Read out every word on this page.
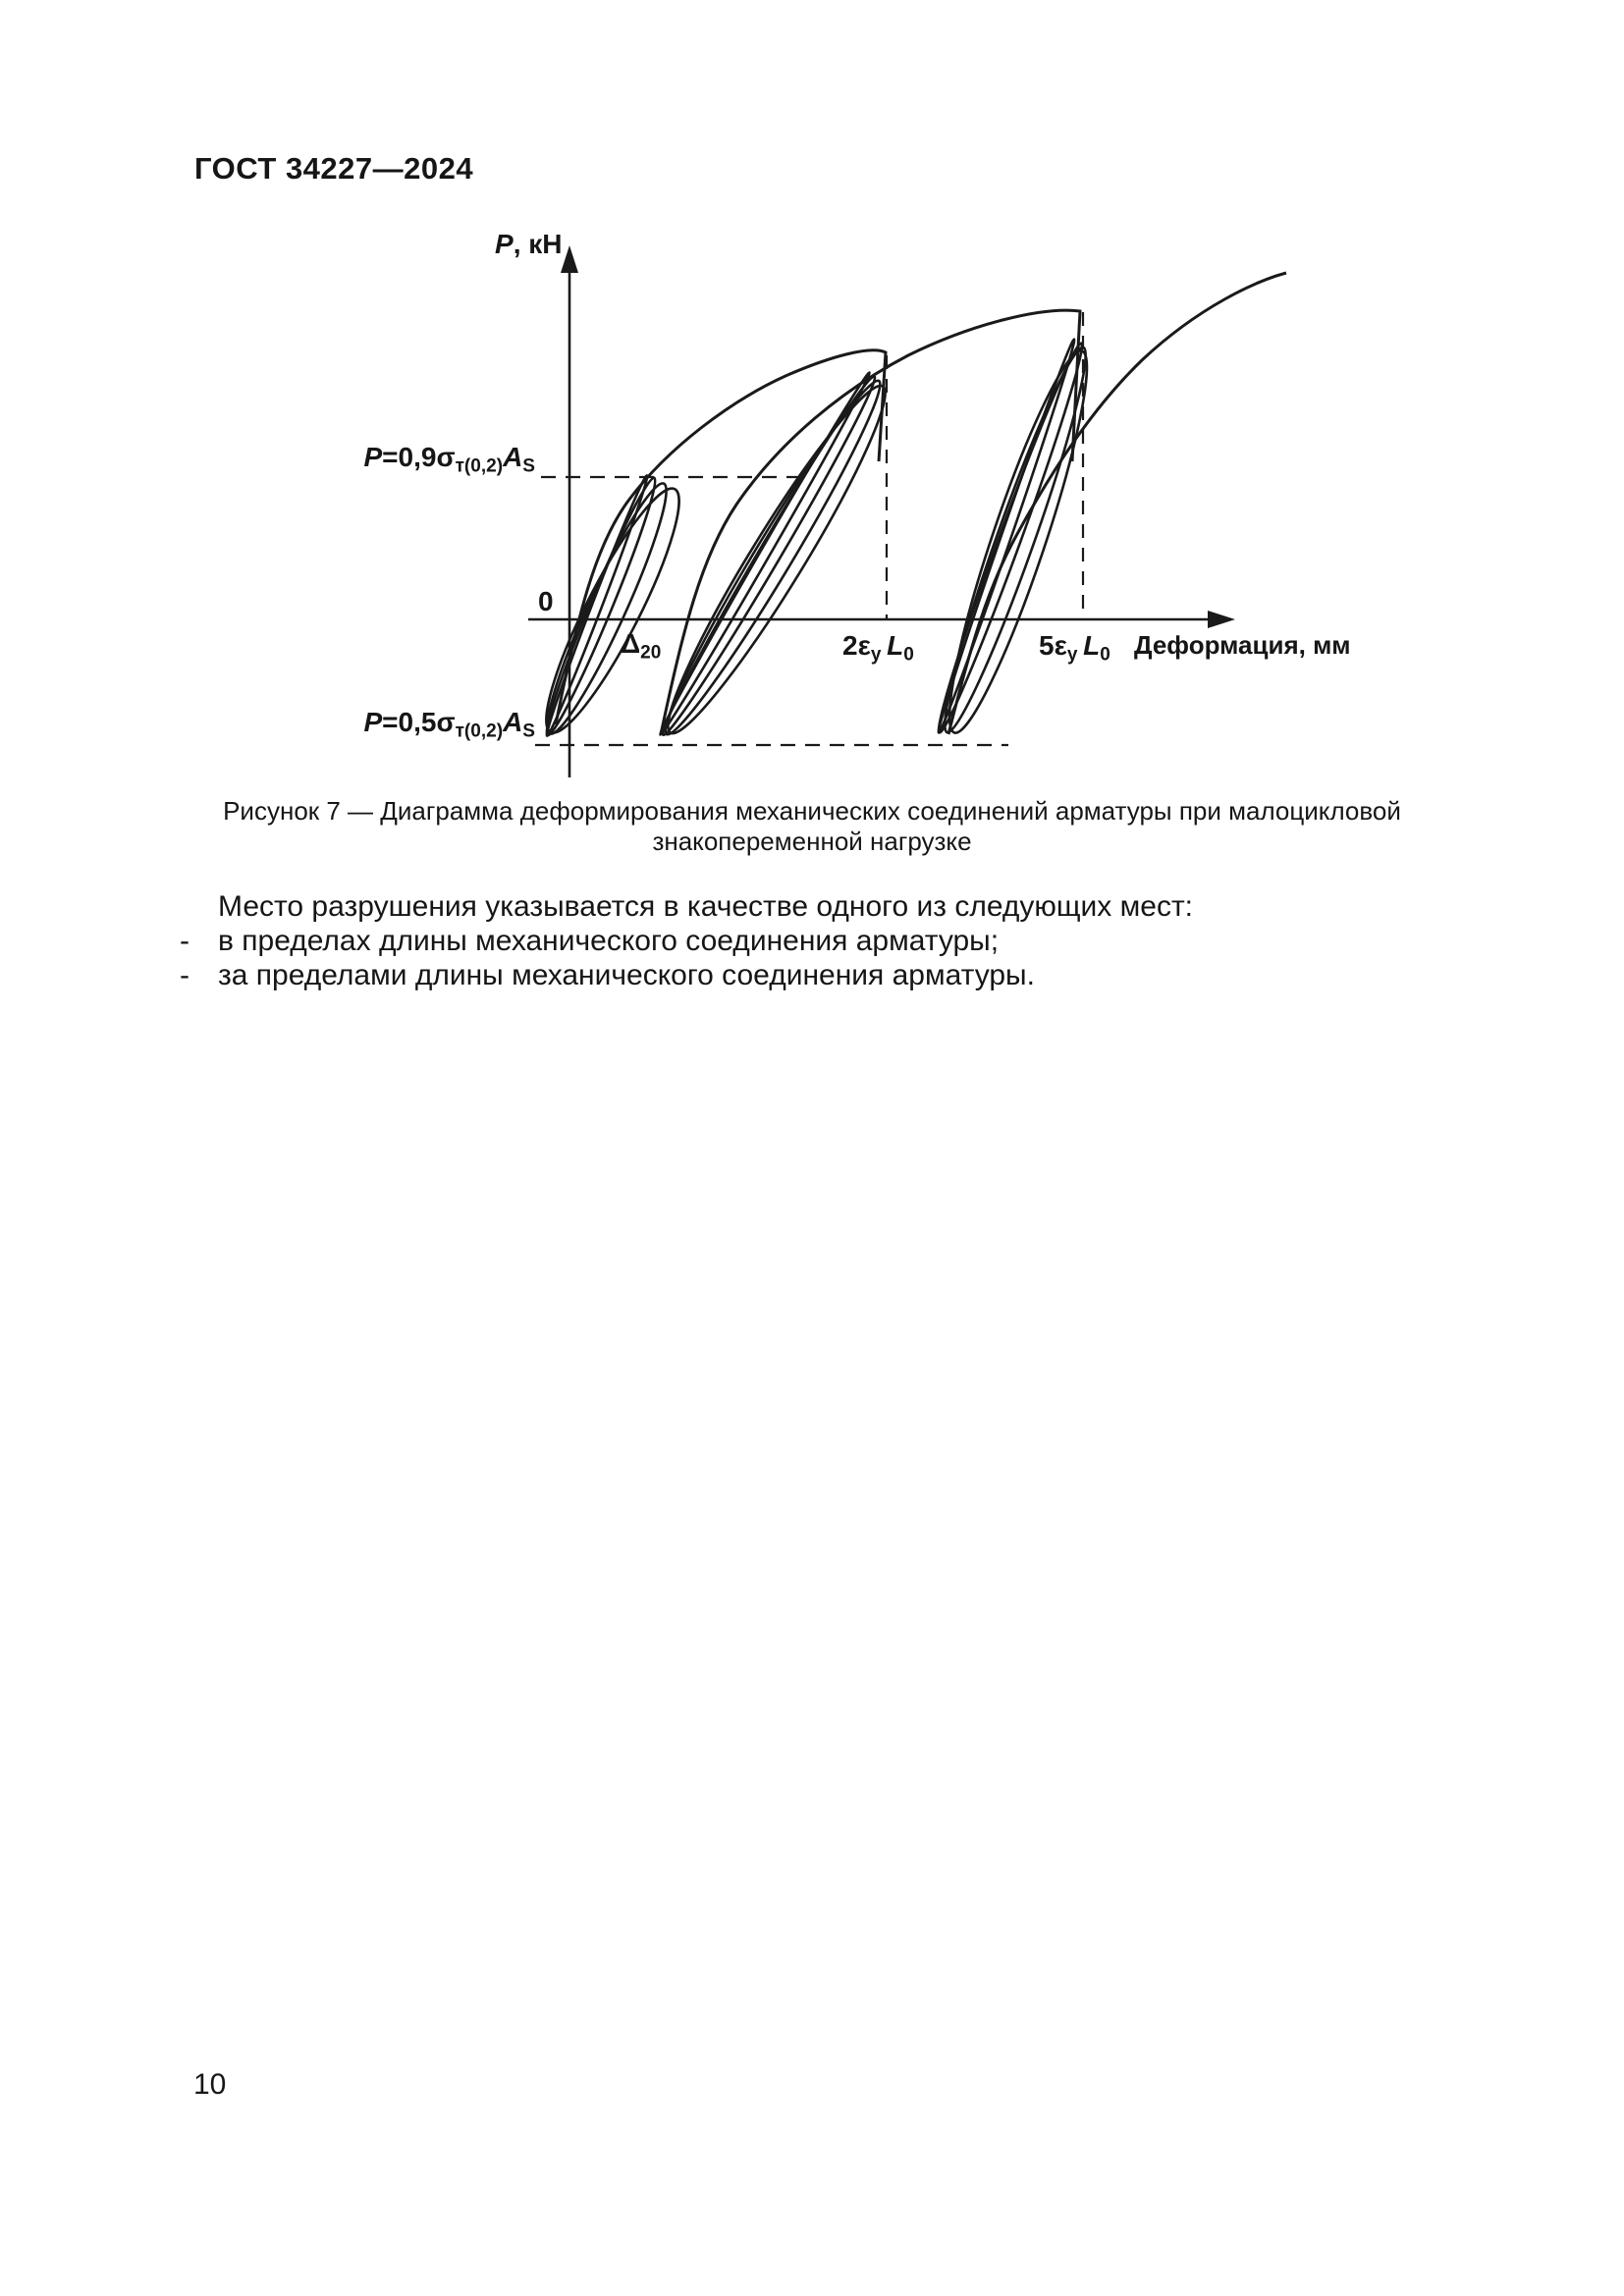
ГОСТ 34227—2024
P, кН
$P=0,9\sigma_{т(0,2)}A_S$
$P=0,5\sigma_{т(0,2)}A_S$
0
$\Delta_{20}$	$2\varepsilon_y$  $L_0$	$5\varepsilon_y$  $L_0$ Деформация, мм
Рисунок 7 — Диаграмма деформирования механических соединений арматуры при малоцикловой
знакопеременной нагрузке
Место разрушения указывается в качестве одного из следующих мест:
- в пределах длины механического соединения арматуры;
- за пределами длины механического соединения арматуры.
10
